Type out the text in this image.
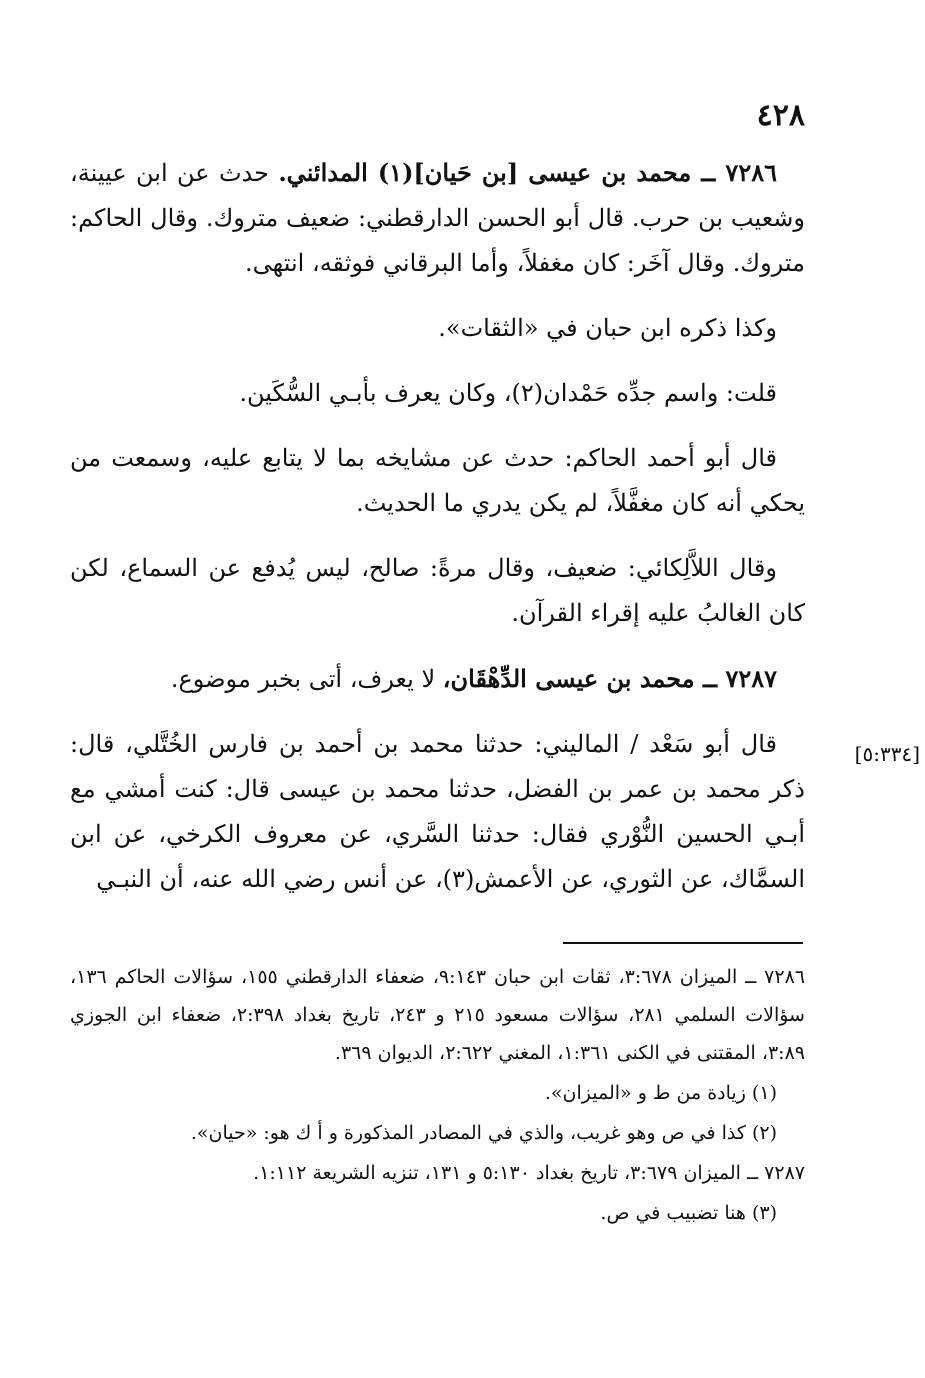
٤٢٨

٧٢٨٦ ــ محمد بن عيسى [بن حَيان](١) المدائني. حدث عن ابن عيينة، وشعيب بن حرب. قال أبو الحسن الدارقطني: ضعيف متروك. وقال الحاكم: متروك. وقال آخَر: كان مغفلاً، وأما البرقاني فوثقه، انتهى.

وكذا ذكره ابن حبان في «الثقات».

قلت: واسم جدِّه حَمْدان(٢)، وكان يعرف بأبـي السُّكَين.

قال أبو أحمد الحاكم: حدث عن مشايخه بما لا يتابع عليه، وسمعت من يحكي أنه كان مغفَّلاً، لم يكن يدري ما الحديث.

وقال اللاَّلِكائي: ضعيف، وقال مرةً: صالح، ليس يُدفع عن السماع، لكن كان الغالبُ عليه إقراء القرآن.

٧٢٨٧ ــ محمد بن عيسى الدِّهْقَان، لا يعرف، أتى بخبر موضوع.

قال أبو سَعْد / الماليني: حدثنا محمد بن أحمد بن فارس الخُتَّلي، قال: ذكر محمد بن عمر بن الفضل، حدثنا محمد بن عيسى قال: كنت أمشي مع أبـي الحسين النُّوْري فقال: حدثنا السَّري، عن معروف الكرخي، عن ابن السمَّاك، عن الثوري، عن الأعمش(٣)، عن أنس رضي الله عنه، أن النبـي

[٥:٣٣٤]

٧٢٨٦ ــ الميزان ٣:٦٧٨، ثقات ابن حبان ٩:١٤٣، ضعفاء الدارقطني ١٥٥، سؤالات الحاكم ١٣٦، سؤالات السلمي ٢٨١، سؤالات مسعود ٢١٥ و ٢٤٣، تاريخ بغداد ٢:٣٩٨، ضعفاء ابن الجوزي ٣:٨٩، المقتنى في الكنى ١:٣٦١، المغني ٢:٦٢٢، الديوان ٣٦٩.

(١) زيادة من ط و «الميزان».

(٢) كذا في ص وهو غريب، والذي في المصادر المذكورة و أ ك هو: «حيان».

٧٢٨٧ ــ الميزان ٣:٦٧٩، تاريخ بغداد ٥:١٣٠ و ١٣١، تنزيه الشريعة ١:١١٢.

(٣) هنا تضبيب في ص.
